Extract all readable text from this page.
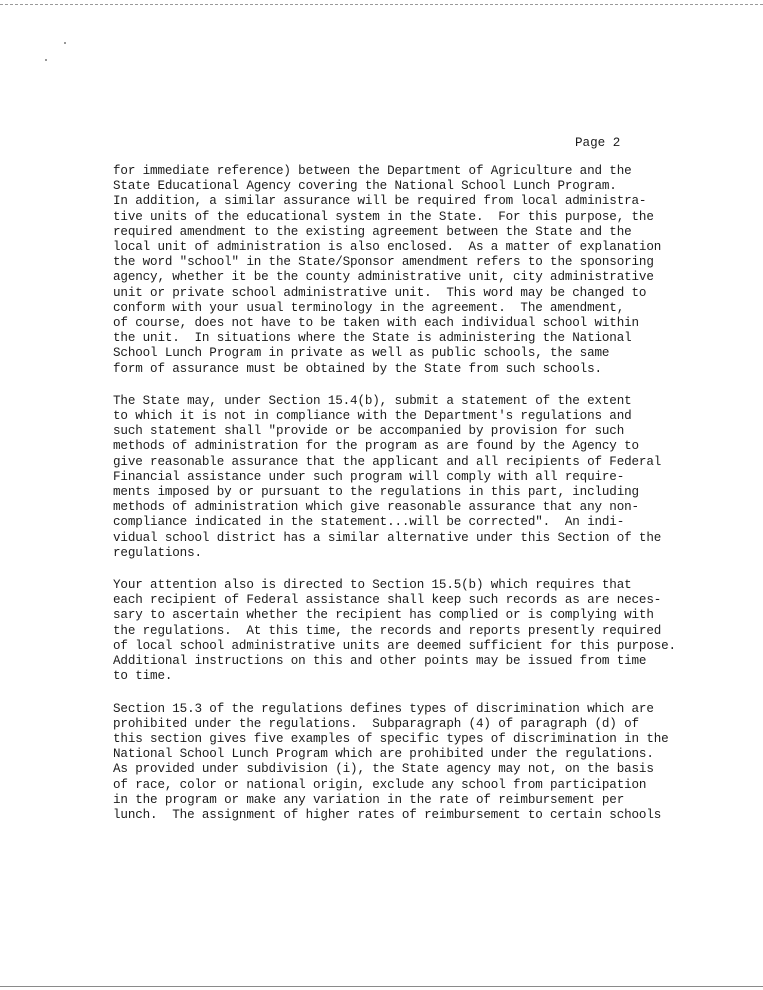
Page 2

for immediate reference) between the Department of Agriculture and the
State Educational Agency covering the National School Lunch Program.
In addition, a similar assurance will be required from local administra-
tive units of the educational system in the State.  For this purpose, the
required amendment to the existing agreement between the State and the
local unit of administration is also enclosed.  As a matter of explanation
the word "school" in the State/Sponsor amendment refers to the sponsoring
agency, whether it be the county administrative unit, city administrative
unit or private school administrative unit.  This word may be changed to
conform with your usual terminology in the agreement.  The amendment,
of course, does not have to be taken with each individual school within
the unit.  In situations where the State is administering the National
School Lunch Program in private as well as public schools, the same
form of assurance must be obtained by the State from such schools.

The State may, under Section 15.4(b), submit a statement of the extent
to which it is not in compliance with the Department's regulations and
such statement shall "provide or be accompanied by provision for such
methods of administration for the program as are found by the Agency to
give reasonable assurance that the applicant and all recipients of Federal
Financial assistance under such program will comply with all require-
ments imposed by or pursuant to the regulations in this part, including
methods of administration which give reasonable assurance that any non-
compliance indicated in the statement...will be corrected".  An indi-
vidual school district has a similar alternative under this Section of the
regulations.

Your attention also is directed to Section 15.5(b) which requires that
each recipient of Federal assistance shall keep such records as are neces-
sary to ascertain whether the recipient has complied or is complying with
the regulations.  At this time, the records and reports presently required
of local school administrative units are deemed sufficient for this purpose.
Additional instructions on this and other points may be issued from time
to time.

Section 15.3 of the regulations defines types of discrimination which are
prohibited under the regulations.  Subparagraph (4) of paragraph (d) of
this section gives five examples of specific types of discrimination in the
National School Lunch Program which are prohibited under the regulations.
As provided under subdivision (i), the State agency may not, on the basis
of race, color or national origin, exclude any school from participation
in the program or make any variation in the rate of reimbursement per
lunch.  The assignment of higher rates of reimbursement to certain schools
